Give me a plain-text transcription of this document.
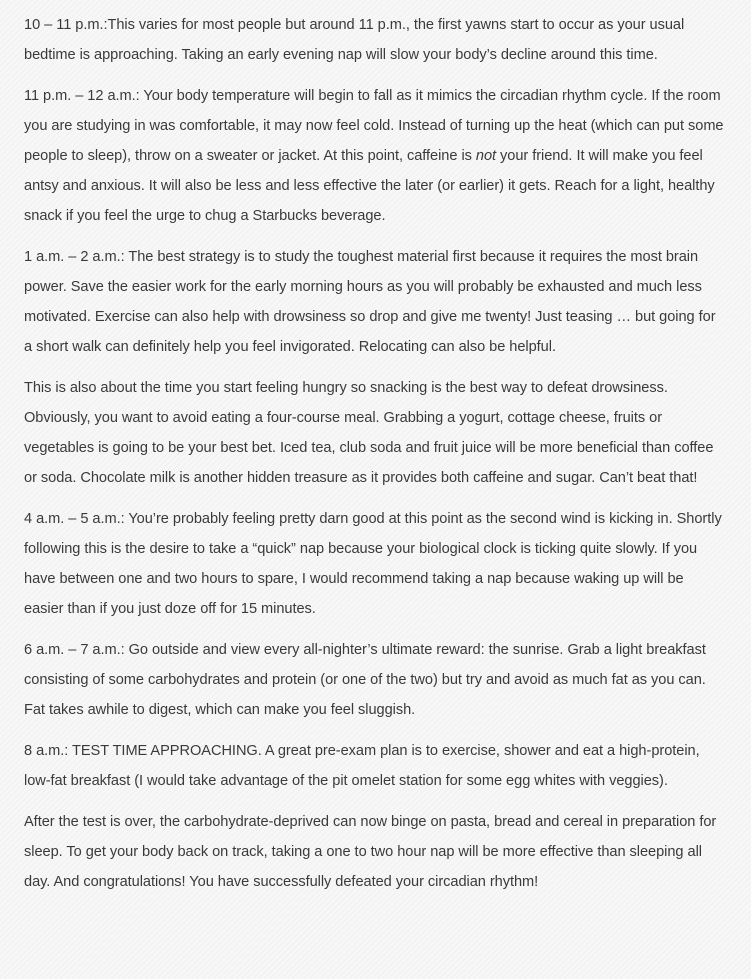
10 – 11 p.m.:This varies for most people but around 11 p.m., the first yawns start to occur as your usual bedtime is approaching. Taking an early evening nap will slow your body’s decline around this time.

11 p.m. – 12 a.m.: Your body temperature will begin to fall as it mimics the circadian rhythm cycle. If the room you are studying in was comfortable, it may now feel cold. Instead of turning up the heat (which can put some people to sleep), throw on a sweater or jacket. At this point, caffeine is not your friend. It will make you feel antsy and anxious. It will also be less and less effective the later (or earlier) it gets. Reach for a light, healthy snack if you feel the urge to chug a Starbucks beverage.

1 a.m. – 2 a.m.: The best strategy is to study the toughest material first because it requires the most brain power. Save the easier work for the early morning hours as you will probably be exhausted and much less motivated. Exercise can also help with drowsiness so drop and give me twenty! Just teasing … but going for a short walk can definitely help you feel invigorated. Relocating can also be helpful.

This is also about the time you start feeling hungry so snacking is the best way to defeat drowsiness. Obviously, you want to avoid eating a four-course meal. Grabbing a yogurt, cottage cheese, fruits or vegetables is going to be your best bet. Iced tea, club soda and fruit juice will be more beneficial than coffee or soda. Chocolate milk is another hidden treasure as it provides both caffeine and sugar. Can’t beat that!

4 a.m. – 5 a.m.: You’re probably feeling pretty darn good at this point as the second wind is kicking in. Shortly following this is the desire to take a “quick” nap because your biological clock is ticking quite slowly. If you have between one and two hours to spare, I would recommend taking a nap because waking up will be easier than if you just doze off for 15 minutes.

6 a.m. – 7 a.m.: Go outside and view every all-nighter’s ultimate reward: the sunrise. Grab a light breakfast consisting of some carbohydrates and protein (or one of the two) but try and avoid as much fat as you can. Fat takes awhile to digest, which can make you feel sluggish.

8 a.m.: TEST TIME APPROACHING. A great pre-exam plan is to exercise, shower and eat a high-protein, low-fat breakfast (I would take advantage of the pit omelet station for some egg whites with veggies).

After the test is over, the carbohydrate-deprived can now binge on pasta, bread and cereal in preparation for sleep. To get your body back on track, taking a one to two hour nap will be more effective than sleeping all day. And congratulations! You have successfully defeated your circadian rhythm!
